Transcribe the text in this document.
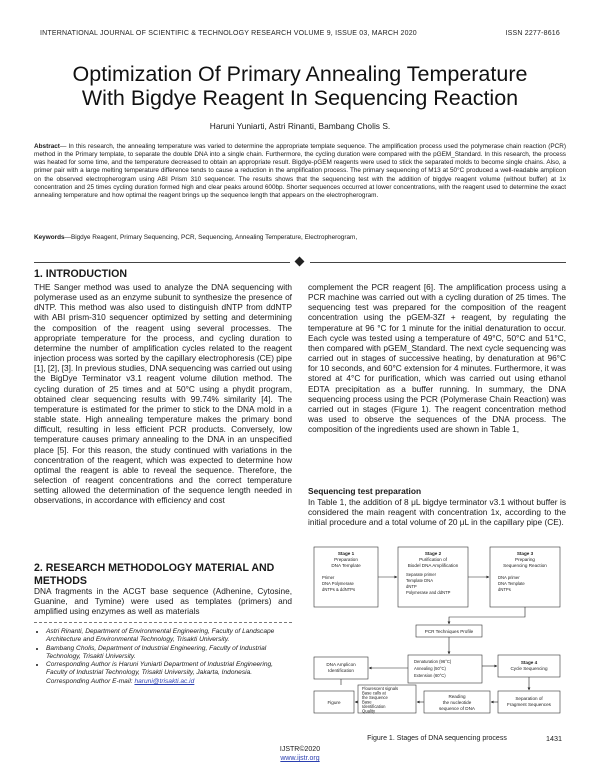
INTERNATIONAL JOURNAL OF SCIENTIFIC & TECHNOLOGY RESEARCH VOLUME 9, ISSUE 03, MARCH 2020	ISSN 2277-8616
Optimization Of Primary Annealing Temperature
With Bigdye Reagent In Sequencing Reaction
Haruni Yuniarti, Astri Rinanti, Bambang Cholis S.
Abstract— In this research, the annealing temperature was varied to determine the appropriate template sequence. The amplification process used the polymerase chain reaction (PCR) method in the Primary template, to separate the double DNA into a single chain. Furthermore, the cycling duration were compared with the pGEM_Standard. In this research, the process was heated for some time, and the temperature decreased to obtain an appropriate result. Bigdye-pGEM reagents were used to stick the separated molds to become single chains. Also, a primer pair with a large melting temperature difference tends to cause a reduction in the amplification process. The primary sequencing of M13 at 50°C produced a well-readable amplicon on the observed electropherogram using ABI Prism 310 sequencer. The results shows that the sequencing test with the addition of bigdye reagent volume (without buffer) at 1x concentration and 25 times cycling duration formed high and clear peaks around 600bp. Shorter sequences occurred at lower concentrations, with the reagent used to determine the exact annealing temperature and how optimal the reagent brings up the sequence length that appears on the electropherogram.
Keywords—Bigdye Reagent, Primary Sequencing, PCR, Sequencing, Annealing Temperature, Electropherogram,
1. INTRODUCTION
THE Sanger method was used to analyze the DNA sequencing with polymerase used as an enzyme subunit to synthesize the presence of dNTP. This method was also used to distinguish dNTP from ddNTP with ABI prism-310 sequencer optimized by setting and determining the composition of the reagent using several processes. The appropriate temperature for the process, and cycling duration to determine the number of amplification cycles related to the reagent injection process was sorted by the capillary electrophoresis (CE) pipe [1], [2], [3]. In previous studies, DNA sequencing was carried out using the BigDye Terminator v3.1 reagent volume dilution method. The cycling duration of 25 times and at 50°C using a phydit program, obtained clear sequencing results with 99.74% similarity [4]. The temperature is estimated for the primer to stick to the DNA mold in a stable state. High annealing temperature makes the primary bond difficult, resulting in less efficient PCR products. Conversely, low temperature causes primary annealing to the DNA in an unspecified place [5]. For this reason, the study continued with variations in the concentration of the reagent, which was expected to determine how optimal the reagent is able to reveal the sequence. Therefore, the selection of reagent concentrations and the correct temperature setting allowed the determination of the sequence length needed in observations, in accordance with efficiency and cost
2. RESEARCH METHODOLOGY MATERIAL AND METHODS
DNA fragments in the ACGT base sequence (Adhenine, Cytosine, Guanine, and Tymine) were used as templates (primers) and amplified using enzymes as well as materials
• Astri Rinanti, Department of Environmental Engineering, Faculty of Landscape Architecture and Environmental Technology, Trisakti University.
• Bambang Cholis, Department of Industrial Engineering, Faculty of Industrial Technology, Trisakti University.
• Corresponding Author is Haruni Yuniarti Department of Industrial Engineering, Faculty of Industrial Technology, Trisakti University, Jakarta, Indonesia.
Corresponding Author E-mail: haruni@trisakti.ac.id
complement the PCR reagent [6]. The amplification process using a PCR machine was carried out with a cycling duration of 25 times. The sequencing test was prepared for the composition of the reagent concentration using the pGEM-3Zf + reagent, by regulating the temperature at 96 °C for 1 minute for the initial denaturation to occur. Each cycle was tested using a temperature of 49°C, 50°C and 51°C, then compared with pGEM_Standard. The next cycle sequencing was carried out in stages of successive heating, by denaturation at 96°C for 10 seconds, and 60°C extension for 4 minutes. Furthermore, it was stored at 4°C for purification, which was carried out using ethanol EDTA precipitation as a buffer running. In summary, the DNA sequencing process using the PCR (Polymerase Chain Reaction) was carried out in stages (Figure 1). The reagent concentration method was used to observe the sequences of the DNA process. The composition of the ingredients used are shown in Table 1,
Sequencing test preparation
In Table 1, the addition of 8 μL bigdye terminator v3.1 without buffer is considered the main reagent with concentration 1x, according to the initial procedure and a total volume of 20 μL in the capillary pipe (CE).
Stage 1
Preparation
DNA Template
Stage 2
Purification of
Biodel DNA Amplification
Stage 3
Preparing
Sequencing Reaction
PCR Techniques Profile
DNA Amplicon
Identification
Stage 4
Cycle Sequencing
Figure
Reading
the nucleotide
sequence of DNA
Separation of
Fragment Sequences
Primer
DNA Polymerase
dNTPs & ddNTPs
Separate primer
Template DNA
dNTP
Polymerase and ddNTP
DNA primer
DNA Template
dNTPs
Denaturation (96°C)
Annealing (50°C)
Extension (60°C)
Flourescent signals
Base calls at
the Sequence
Base
Identification
Quality
Figure 1. Stages of DNA sequencing process	1431
IJSTR©2020
www.ijstr.org
